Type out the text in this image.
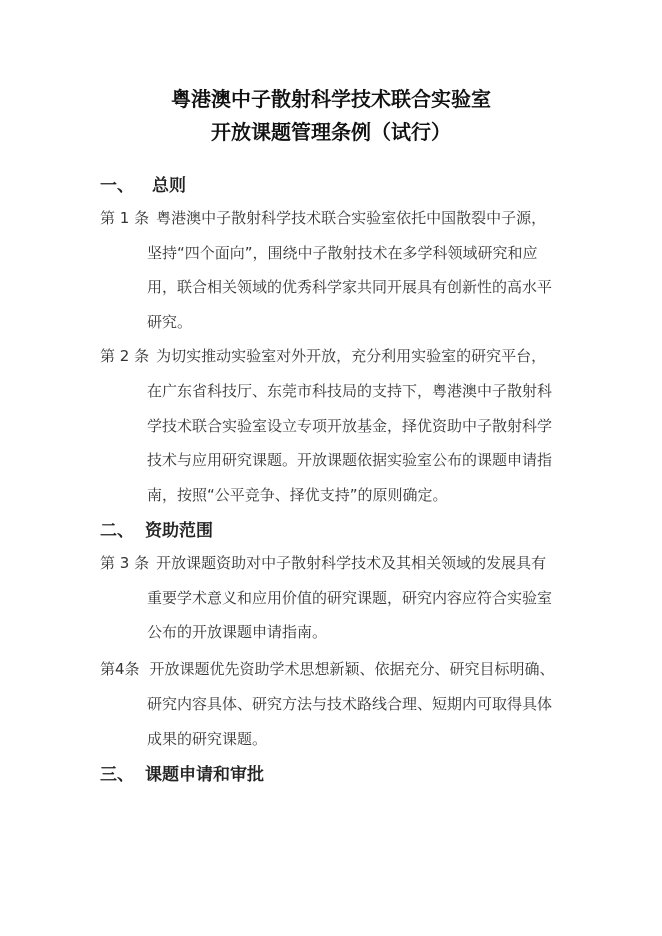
粤港澳中子散射科学技术联合实验室
开放课题管理条例（试行）
一、 总则
第 1 条 粤港澳中子散射科学技术联合实验室依托中国散裂中子源，
坚持“四个面向”，围绕中子散射技术在多学科领域研究和应
用，联合相关领域的优秀科学家共同开展具有创新性的高水平
研究。
第 2 条 为切实推动实验室对外开放，充分利用实验室的研究平台，
在广东省科技厅、东莞市科技局的支持下，粤港澳中子散射科
学技术联合实验室设立专项开放基金，择优资助中子散射科学
技术与应用研究课题。开放课题依据实验室公布的课题申请指
南，按照“公平竞争、择优支持”的原则确定。
二、 资助范围
第 3 条 开放课题资助对中子散射科学技术及其相关领域的发展具有
重要学术意义和应用价值的研究课题，研究内容应符合实验室
公布的开放课题申请指南。
第4条 开放课题优先资助学术思想新颖、依据充分、研究目标明确、
研究内容具体、研究方法与技术路线合理、短期内可取得具体
成果的研究课题。
三、 课题申请和审批
